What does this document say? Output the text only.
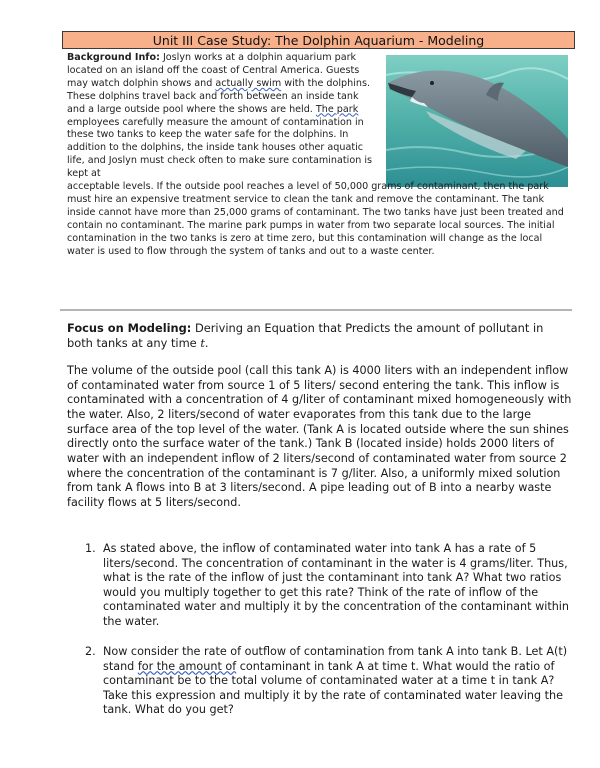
Unit III Case Study: The Dolphin Aquarium - Modeling

Background Info: Joslyn works at a dolphin aquarium park located on an island off the coast of Central America. Guests may watch dolphin shows and actually swim with the dolphins. These dolphins travel back and forth between an inside tank and a large outside pool where the shows are held. The park employees carefully measure the amount of contamination in these two tanks to keep the water safe for the dolphins. In addition to the dolphins, the inside tank houses other aquatic life, and Joslyn must check often to make sure contamination is kept at

acceptable levels. If the outside pool reaches a level of 50,000 grams of contaminant, then the park must hire an expensive treatment service to clean the tank and remove the contaminant. The tank inside cannot have more than 25,000 grams of contaminant. The two tanks have just been treated and contain no contaminant. The marine park pumps in water from two separate local sources. The initial contamination in the two tanks is zero at time zero, but this contamination will change as the local water is used to flow through the system of tanks and out to a waste center.

Focus on Modeling: Deriving an Equation that Predicts the amount of pollutant in both tanks at any time t.

The volume of the outside pool (call this tank A) is 4000 liters with an independent inflow of contaminated water from source 1 of 5 liters/ second entering the tank. This inflow is contaminated with a concentration of 4 g/liter of contaminant mixed homogeneously with the water. Also, 2 liters/second of water evaporates from this tank due to the large surface area of the top level of the water. (Tank A is located outside where the sun shines directly onto the surface water of the tank.) Tank B (located inside) holds 2000 liters of water with an independent inflow of 2 liters/second of contaminated water from source 2 where the concentration of the contaminant is 7 g/liter. Also, a uniformly mixed solution from tank A flows into B at 3 liters/second. A pipe leading out of B into a nearby waste facility flows at 5 liters/second.

1. As stated above, the inflow of contaminated water into tank A has a rate of 5 liters/second. The concentration of contaminant in the water is 4 grams/liter. Thus, what is the rate of the inflow of just the contaminant into tank A? What two ratios would you multiply together to get this rate? Think of the rate of inflow of the contaminated water and multiply it by the concentration of the contaminant within the water.
2. Now consider the rate of outflow of contamination from tank A into tank B. Let A(t) stand for the amount of contaminant in tank A at time t. What would the ratio of contaminant be to the total volume of contaminated water at a time t in tank A? Take this expression and multiply it by the rate of contaminated water leaving the tank. What do you get?
